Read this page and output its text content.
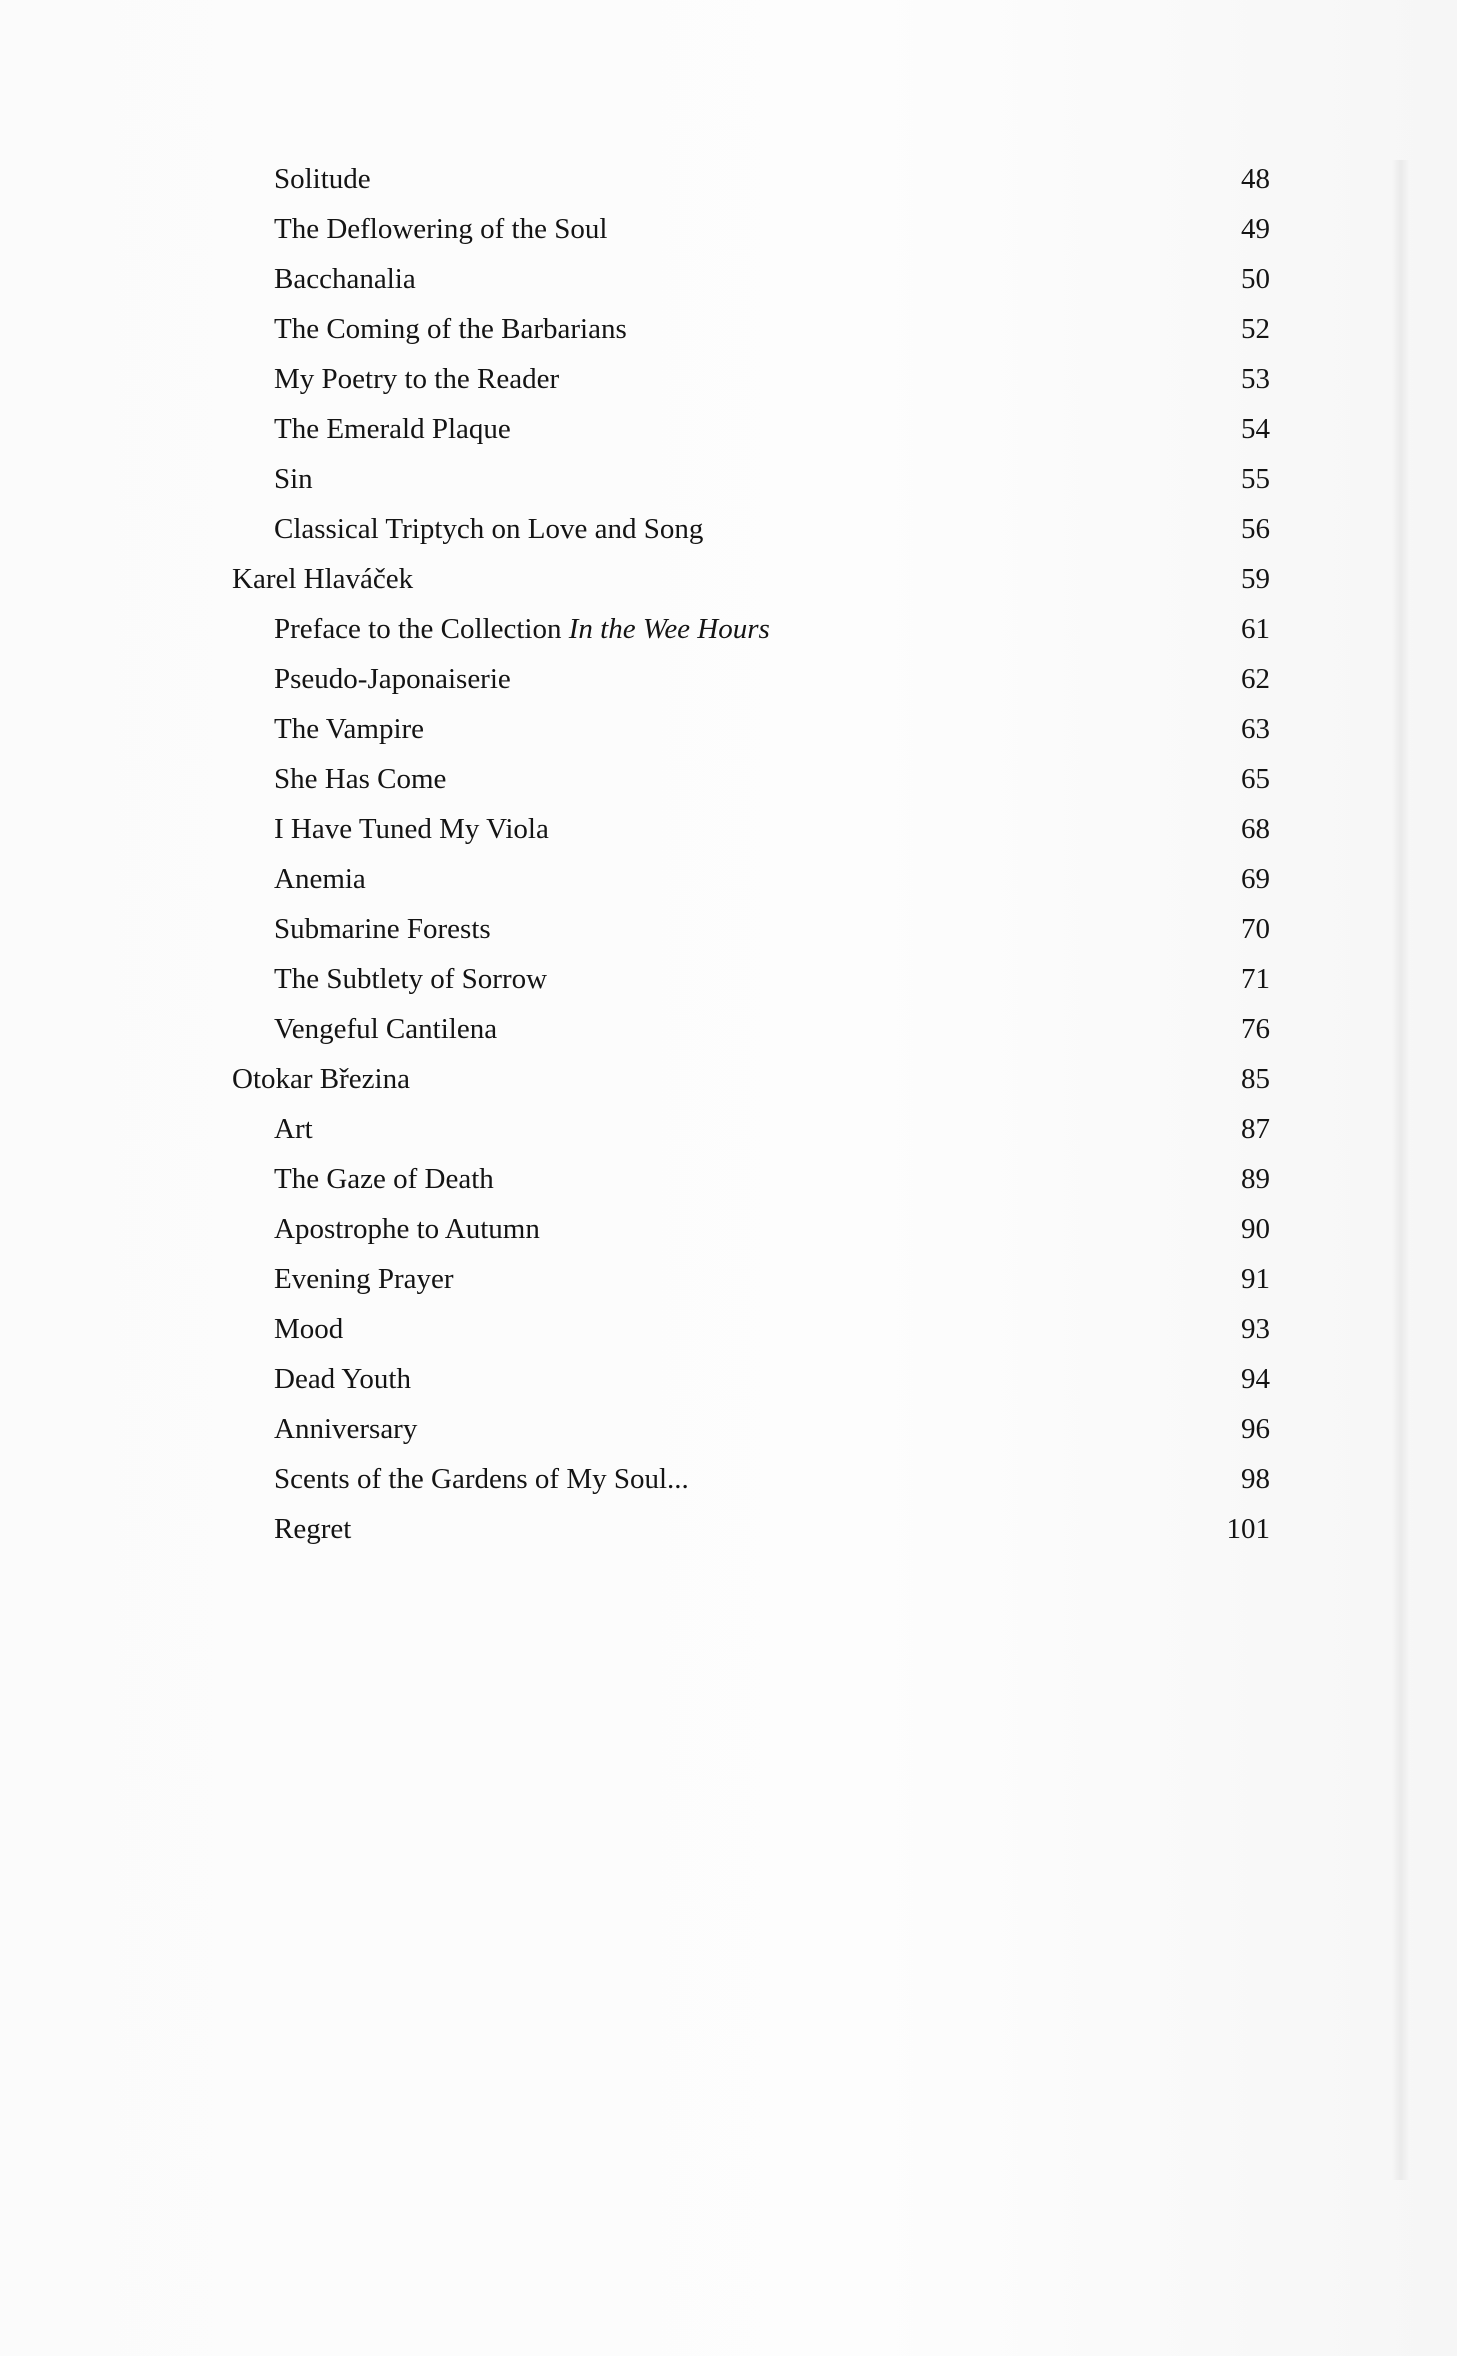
Solitude	48
The Deflowering of the Soul	49
Bacchanalia	50
The Coming of the Barbarians	52
My Poetry to the Reader	53
The Emerald Plaque	54
Sin	55
Classical Triptych on Love and Song	56
Karel Hlaváček	59
Preface to the Collection In the Wee Hours	61
Pseudo-Japonaiserie	62
The Vampire	63
She Has Come	65
I Have Tuned My Viola	68
Anemia	69
Submarine Forests	70
The Subtlety of Sorrow	71
Vengeful Cantilena	76
Otokar Březina	85
Art	87
The Gaze of Death	89
Apostrophe to Autumn	90
Evening Prayer	91
Mood	93
Dead Youth	94
Anniversary	96
Scents of the Gardens of My Soul...	98
Regret	101
